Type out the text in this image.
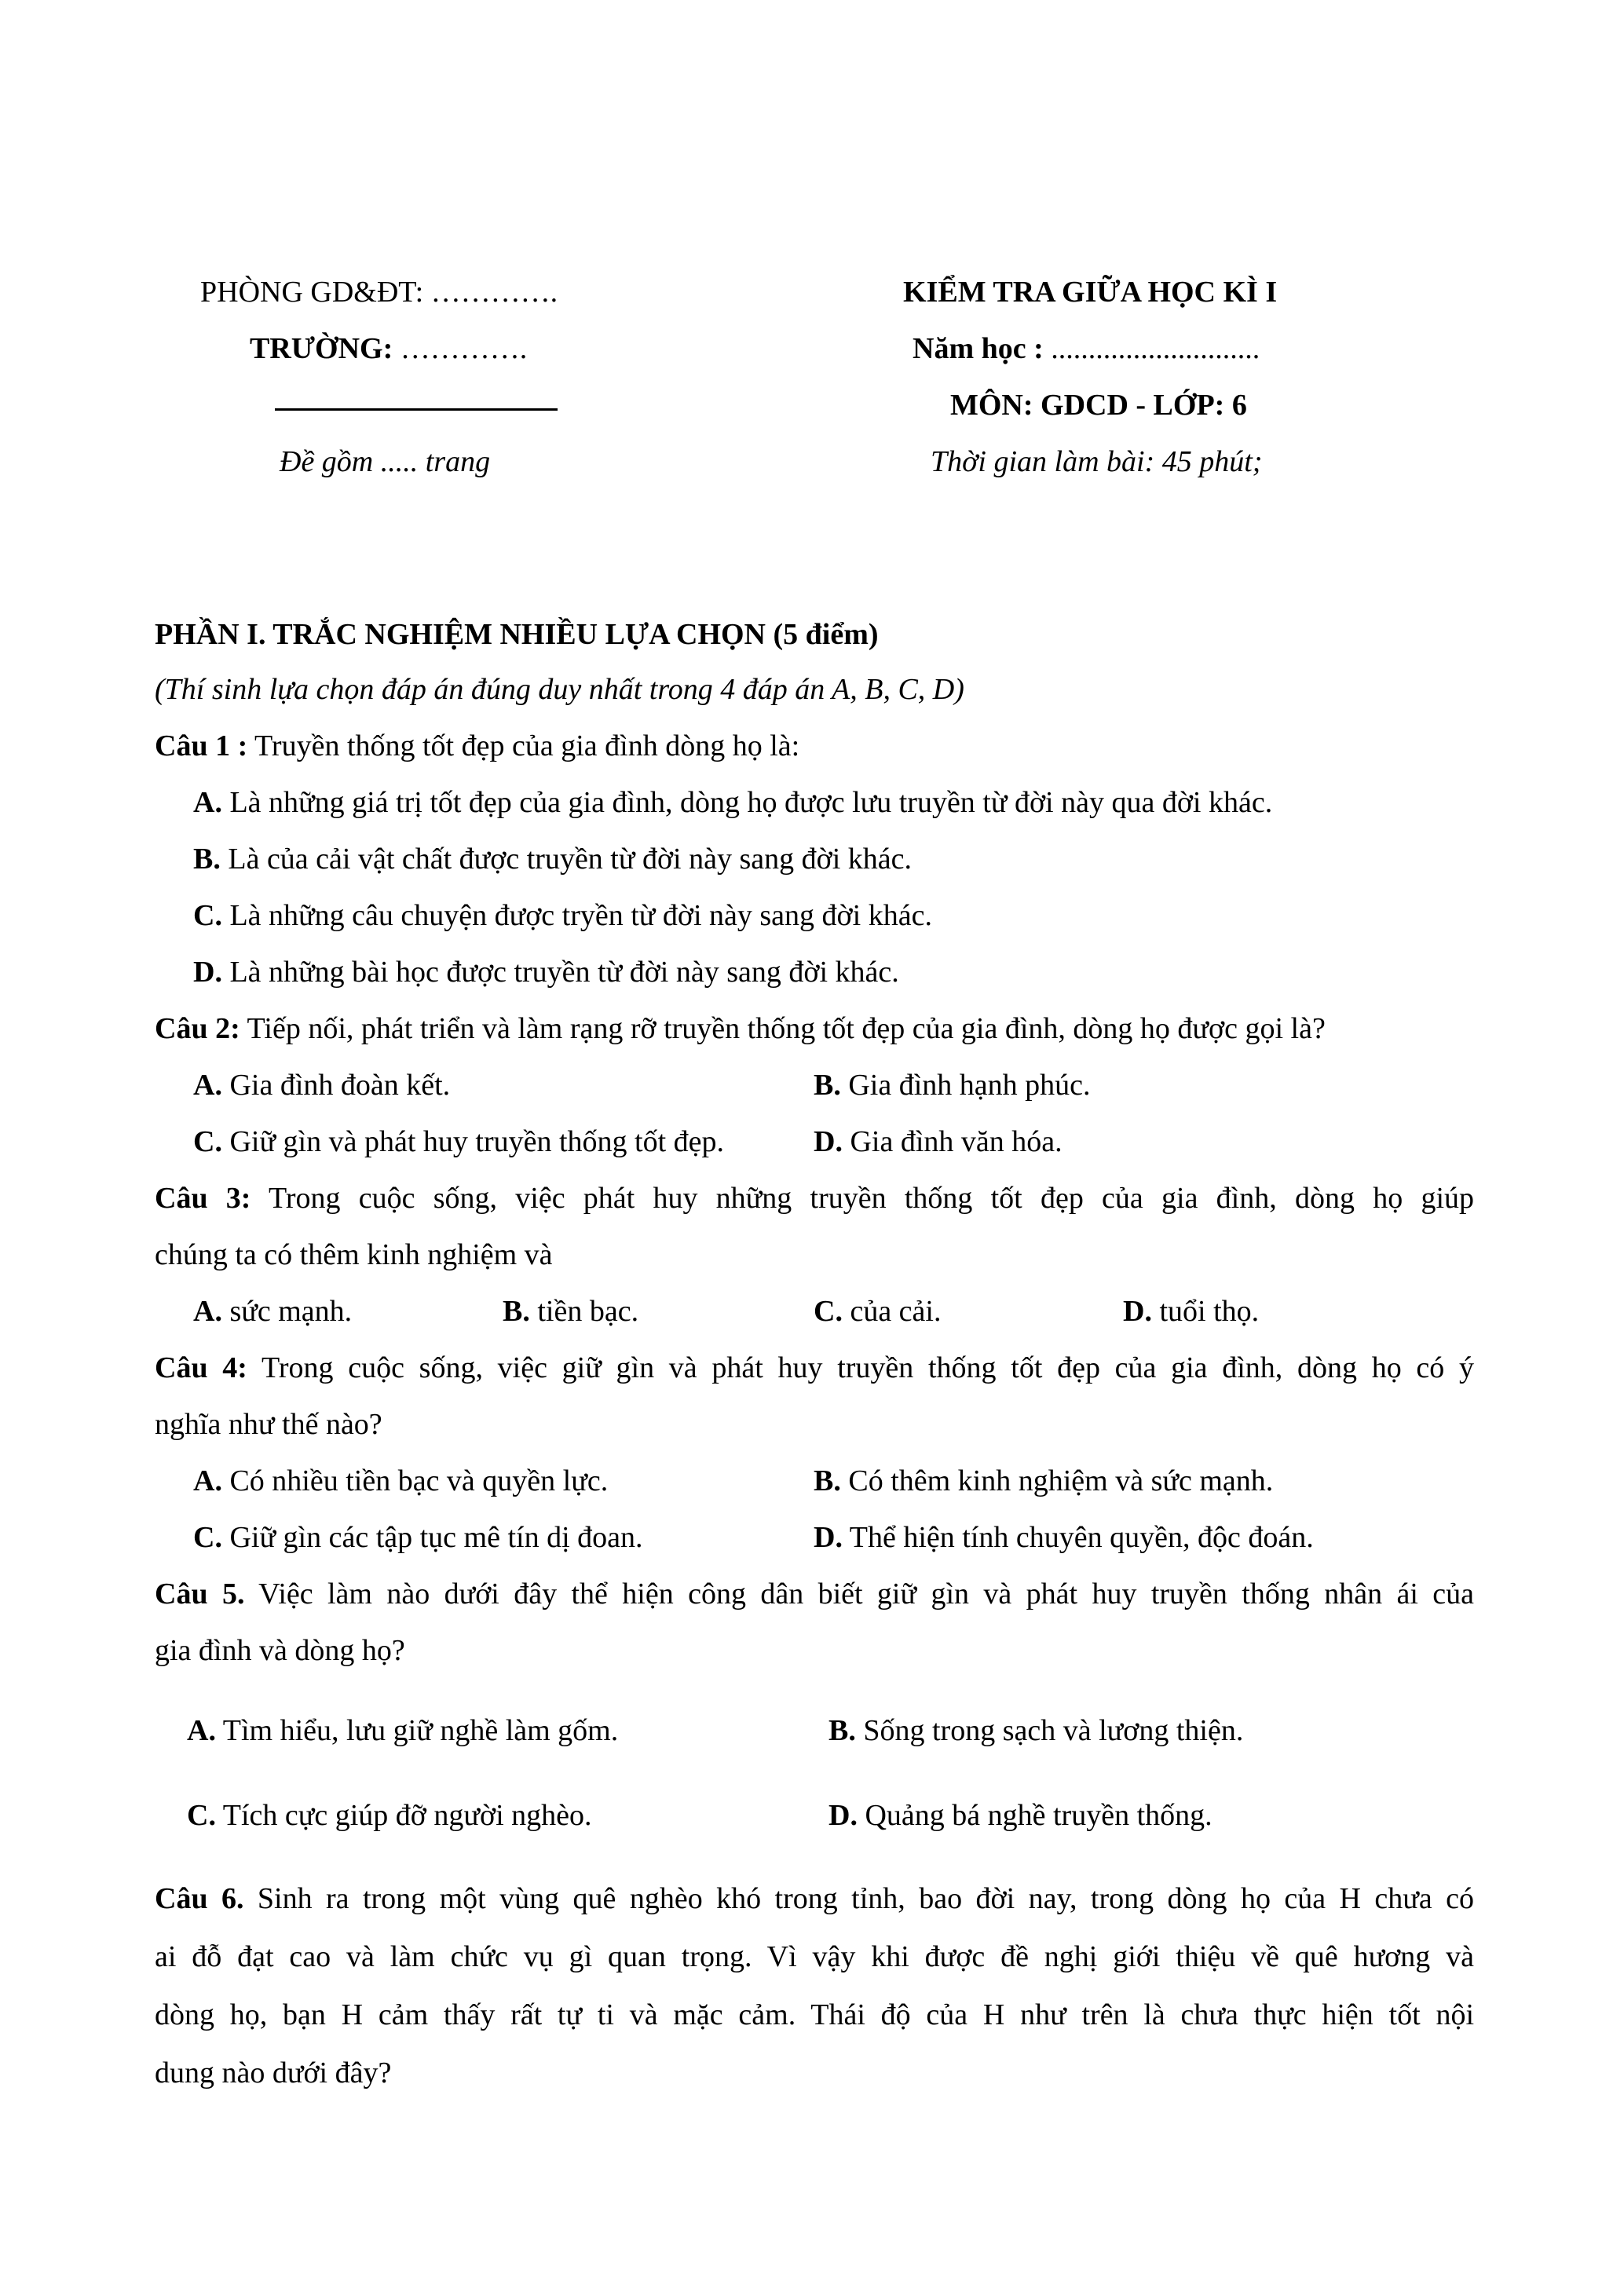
PHÒNG GD&ĐT: ………….
TRƯỜNG: ………….
Đề gồm ..... trang
KIỂM TRA GIỮA HỌC KÌ I
Năm học : ............................
MÔN: GDCD - LỚP: 6
Thời gian làm bài: 45 phút;
PHẦN I. TRẮC NGHIỆM NHIỀU LỰA CHỌN (5 điểm)
(Thí sinh lựa chọn đáp án đúng duy nhất trong 4 đáp án A, B, C, D)
Câu 1 : Truyền thống tốt đẹp của gia đình dòng họ là:
A. Là những giá trị tốt đẹp của gia đình, dòng họ được lưu truyền từ đời này qua đời khác.
B. Là của cải vật chất được truyền từ đời này sang đời khác.
C. Là những câu chuyện được tryền từ đời này sang đời khác.
D. Là những bài học được truyền từ đời này sang đời khác.
Câu 2: Tiếp nối, phát triển và làm rạng rỡ truyền thống tốt đẹp của gia đình, dòng họ được gọi là?
A. Gia đình đoàn kết.	B. Gia đình hạnh phúc.
C. Giữ gìn và phát huy truyền thống tốt đẹp.	D. Gia đình văn hóa.
Câu 3: Trong cuộc sống, việc phát huy những truyền thống tốt đẹp của gia đình, dòng họ giúp
chúng ta có thêm kinh nghiệm và
A. sức mạnh.	B. tiền bạc.	C. của cải.	D. tuổi thọ.
Câu 4: Trong cuộc sống, việc giữ gìn và phát huy truyền thống tốt đẹp của gia đình, dòng họ có ý
nghĩa như thế nào?
A. Có nhiều tiền bạc và quyền lực.	B. Có thêm kinh nghiệm và sức mạnh.
C. Giữ gìn các tập tục mê tín dị đoan.	D. Thể hiện tính chuyên quyền, độc đoán.
Câu 5. Việc làm nào dưới đây thể hiện công dân biết giữ gìn và phát huy truyền thống nhân ái của
gia đình và dòng họ?
A. Tìm hiểu, lưu giữ nghề làm gốm.	B. Sống trong sạch và lương thiện.
C. Tích cực giúp đỡ người nghèo.	D. Quảng bá nghề truyền thống.
Câu 6. Sinh ra trong một vùng quê nghèo khó trong tỉnh, bao đời nay, trong dòng họ của H chưa có
ai đỗ đạt cao và làm chức vụ gì quan trọng. Vì vậy khi được đề nghị giới thiệu về quê hương và
dòng họ, bạn H cảm thấy rất tự ti và mặc cảm. Thái độ của H như trên là chưa thực hiện tốt nội
dung nào dưới đây?
